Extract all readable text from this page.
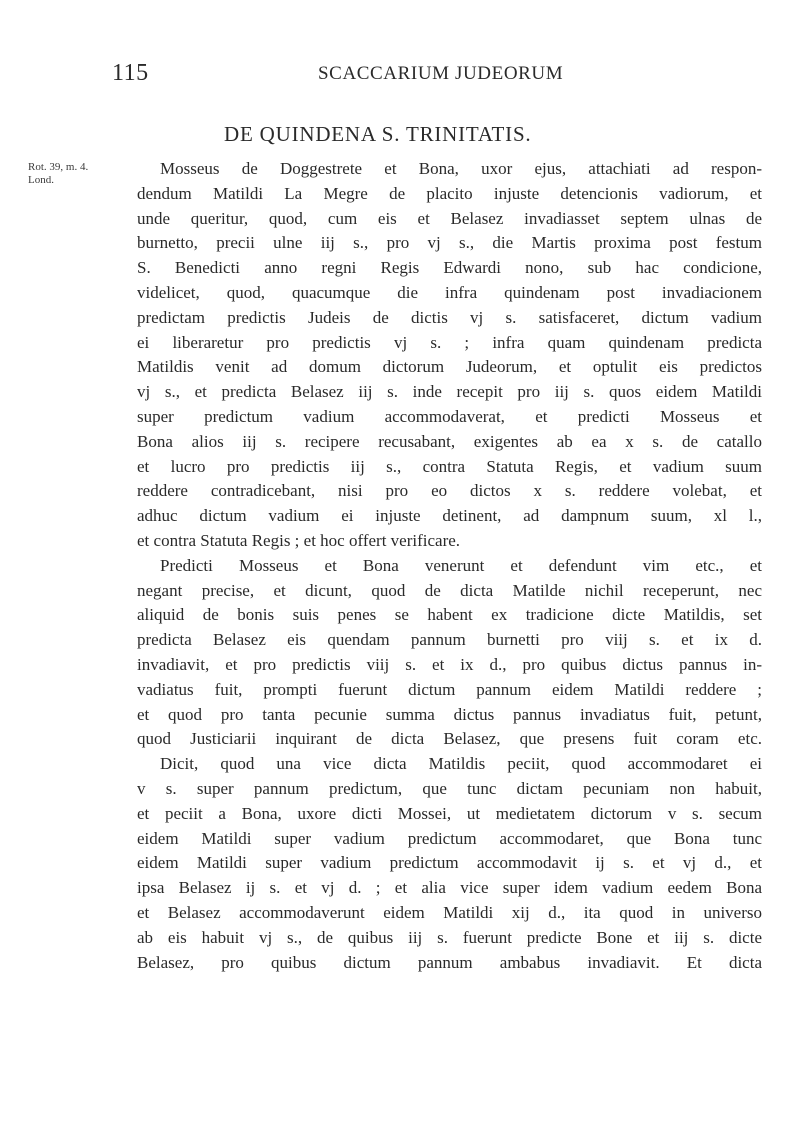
115	SCACCARIUM JUDEORUM
DE QUINDENA S. TRINITATIS.
Rot. 39, m. 4.
Lond.
Mosseus de Doggestrete et Bona, uxor ejus, attachiati ad respon-
dendum Matildi La Megre de placito injuste detencionis vadiorum, et
unde queritur, quod, cum eis et Belasez invadiasset septem ulnas de
burnetto, precii ulne iij s., pro vj s., die Martis proxima post festum
S. Benedicti anno regni Regis Edwardi nono, sub hac condicione,
videlicet, quod, quacumque die infra quindenam post invadiacionem
predictam predictis Judeis de dictis vj s. satisfaceret, dictum vadium
ei liberaretur pro predictis vj s. ; infra quam quindenam predicta
Matildis venit ad domum dictorum Judeorum, et optulit eis predictos
vj s., et predicta Belasez iij s. inde recepit pro iij s. quos eidem Matildi
super predictum vadium accommodaverat, et predicti Mosseus et
Bona alios iij s. recipere recusabant, exigentes ab ea x s. de catallo
et lucro pro predictis iij s., contra Statuta Regis, et vadium suum
reddere contradicebant, nisi pro eo dictos x s. reddere volebat, et
adhuc dictum vadium ei injuste detinent, ad dampnum suum, xl l.,
et contra Statuta Regis ; et hoc offert verificare.
Predicti Mosseus et Bona venerunt et defendunt vim etc., et
negant precise, et dicunt, quod de dicta Matilde nichil receperunt, nec
aliquid de bonis suis penes se habent ex tradicione dicte Matildis, set
predicta Belasez eis quendam pannum burnetti pro viij s. et ix d.
invadiavit, et pro predictis viij s. et ix d., pro quibus dictus pannus in-
vadiatus fuit, prompti fuerunt dictum pannum eidem Matildi reddere ;
et quod pro tanta pecunie summa dictus pannus invadiatus fuit, petunt,
quod Justiciarii inquirant de dicta Belasez, que presens fuit coram etc.
Dicit, quod una vice dicta Matildis peciit, quod accommodaret ei
v s. super pannum predictum, que tunc dictam pecuniam non habuit,
et peciit a Bona, uxore dicti Mossei, ut medietatem dictorum v s. secum
eidem Matildi super vadium predictum accommodaret, que Bona tunc
eidem Matildi super vadium predictum accommodavit ij s. et vj d., et
ipsa Belasez ij s. et vj d. ; et alia vice super idem vadium eedem Bona
et Belasez accommodaverunt eidem Matildi xij d., ita quod in universo
ab eis habuit vj s., de quibus iij s. fuerunt predicte Bone et iij s. dicte
Belasez, pro quibus dictum pannum ambabus invadiavit. Et dicta
